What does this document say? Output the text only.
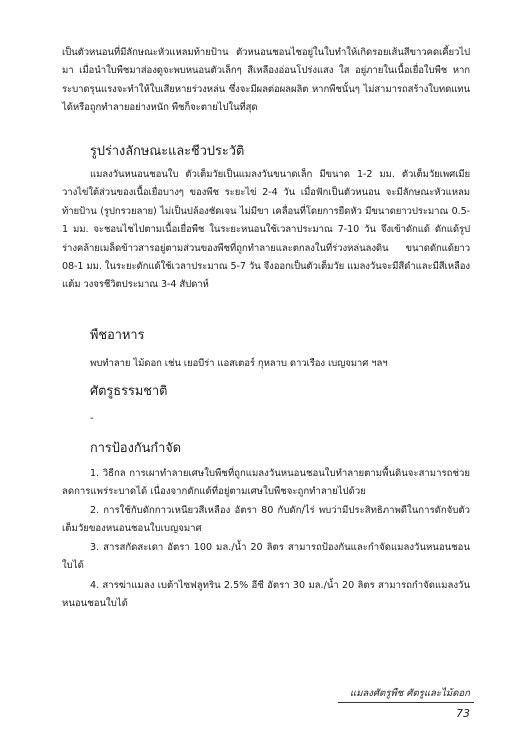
เป็นตัวหนอนที่มีลักษณะหัวแหลมท้ายป้าน ตัวหนอนชอนไชอยู่ในใบทำให้เกิดรอยเส้นสีขาวคดเคี้ยวไปมา เมื่อนำใบพืชมาส่องดูจะพบหนอนตัวเล็กๆ สีเหลืองอ่อนโปร่งแสง ใส อยู่ภายในเนื้อเยื่อใบพืช หากระบาดรุนแรงจะทำให้ใบเสียหายร่วงหล่น ซึ่งจะมีผลต่อผลผลิต หากพืชนั้นๆ ไม่สามารถสร้างใบทดแทนได้หรือถูกทำลายอย่างหนัก พืชก็จะตายไปในที่สุด
รูปร่างลักษณะและชีวประวัติ
แมลงวันหนอนชอนใบ ตัวเต็มวัยเป็นแมลงวันขนาดเล็ก มีขนาด 1-2 มม. ตัวเต็มวัยเพศเมียวางไข่ใต้ส่วนของเนื้อเยื่อบางๆ ของพืช ระยะไข่ 2-4 วัน เมื่อฟักเป็นตัวหนอน จะมีลักษณะหัวแหลมท้ายป้าน (รูปกรวยลาย) ไม่เป็นปล้องชัดเจน ไม่มีขา เคลื่อนที่โดยการยืดหัว มีขนาดยาวประมาณ 0.5-1 มม. จะชอนไชไปตามเนื้อเยื่อพืช ในระยะหนอนใช้เวลาประมาณ 7-10 วัน จึงเข้าดักแด้ ดักแด้รูปร่างคล้ายเมล็ดข้าวสารอยู่ตามส่วนของพืชที่ถูกทำลายและตกลงในที่ร่วงหล่นลงดิน ขนาดดักแด้ยาว 08-1 มม. ในระยะดักแด้ใช้เวลาประมาณ 5-7 วัน จึงออกเป็นตัวเต็มวัย แมลงวันจะมีสีดำและมีสีเหลืองแต้ม วงจรชีวิตประมาณ 3-4 สัปดาห์
พืชอาหาร
พบทำลาย ไม้ดอก เช่น เยอบีร่า แอสเตอร์ กุหลาบ ดาวเรือง เบญจมาศ ฯลฯ
ศัตรูธรรมชาติ
-
การป้องกันกำจัด
1. วิธีกล การเผาทำลายเศษใบพืชที่ถูกแมลงวันหนอนชอนใบทำลายตามพื้นดินจะสามารถช่วยลดการแพร่ระบาดได้ เนื่องจากดักแด้ที่อยู่ตามเศษใบพืชจะถูกทำลายไปด้วย
2. การใช้กับดักกาวเหนียวสีเหลือง อัตรา 80 กับดัก/ไร่ พบว่ามีประสิทธิภาพดีในการดักจับตัวเต็มวัยของหนอนชอนใบเบญจมาศ
3. สารสกัดสะเดา อัตรา 100 มล./น้ำ 20 ลิตร สามารถป้องกันและกำจัดแมลงวันหนอนชอนใบได้
4. สารฆ่าแมลง เบต้าไซฟลูทริน 2.5% อีซี อัตรา 30 มล./น้ำ 20 ลิตร สามารถกำจัดแมลงวันหนอนชอนใบได้
แมลงศัตรูพืช ศัตรูและไม้ดอก
73
